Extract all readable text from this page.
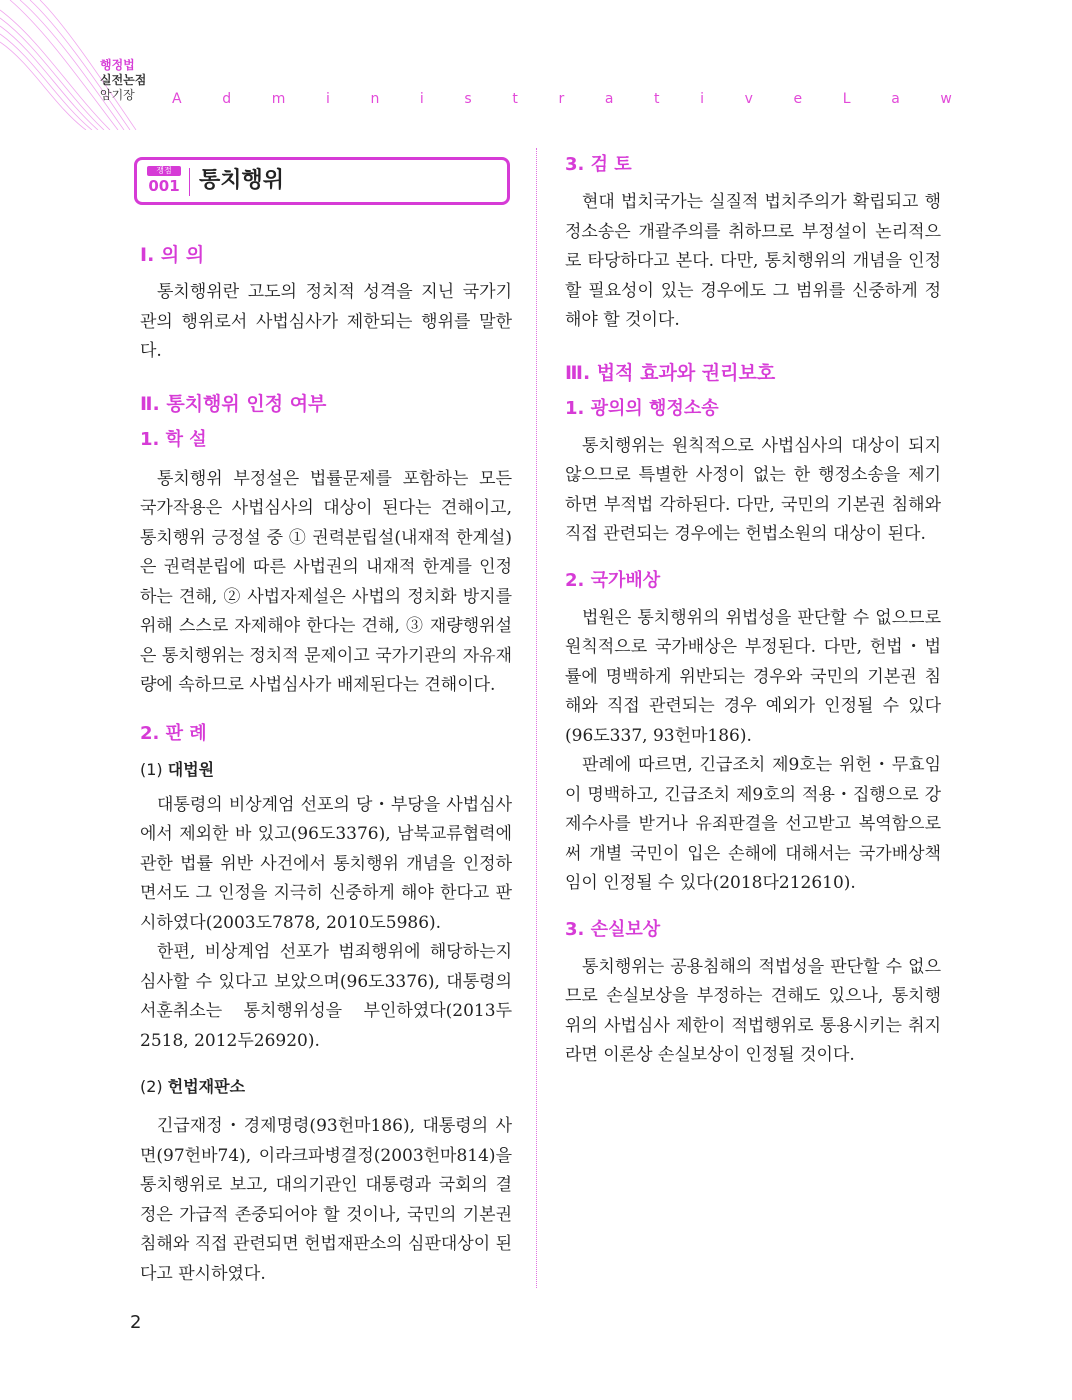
행정법
실전논점
암기장	A	d	m	i	n	i	s	t	r	a	t	i	v	e	L	a	w
쟁점
001 통치행위
Ⅰ. 의 의

통치행위란 고도의 정치적 성격을 지닌 국가기관의 행위로서 사법심사가 제한되는 행위를 말한다.

Ⅱ. 통치행위 인정 여부
1. 학 설

통치행위 부정설은 법률문제를 포함하는 모든 국가작용은 사법심사의 대상이 된다는 견해이고, 통치행위 긍정설 중 ① 권력분립설(내재적 한계설)은 권력분립에 따른 사법권의 내재적 한계를 인정하는 견해, ② 사법자제설은 사법의 정치화 방지를 위해 스스로 자제해야 한다는 견해, ③ 재량행위설은 통치행위는 정치적 문제이고 국가기관의 자유재량에 속하므로 사법심사가 배제된다는 견해이다.

2. 판 례
(1) 대법원

대통령의 비상계엄 선포의 당・부당을 사법심사에서 제외한 바 있고(96도3376), 남북교류협력에 관한 법률 위반 사건에서 통치행위 개념을 인정하면서도 그 인정을 지극히 신중하게 해야 한다고 판시하였다(2003도7878, 2010도5986).

한편, 비상계엄 선포가 범죄행위에 해당하는지 심사할 수 있다고 보았으며(96도3376), 대통령의 서훈취소는 통치행위성을 부인하였다(2013두2518, 2012두26920).

(2) 헌법재판소

긴급재정・경제명령(93헌마186), 대통령의 사면(97헌바74), 이라크파병결정(2003헌마814)을 통치행위로 보고, 대의기관인 대통령과 국회의 결정은 가급적 존중되어야 할 것이나, 국민의 기본권침해와 직접 관련되면 헌법재판소의 심판대상이 된다고 판시하였다.

3. 검 토

현대 법치국가는 실질적 법치주의가 확립되고 행정소송은 개괄주의를 취하므로 부정설이 논리적으로 타당하다고 본다. 다만, 통치행위의 개념을 인정할 필요성이 있는 경우에도 그 범위를 신중하게 정해야 할 것이다.

Ⅲ. 법적 효과와 권리보호
1. 광의의 행정소송

통치행위는 원칙적으로 사법심사의 대상이 되지 않으므로 특별한 사정이 없는 한 행정소송을 제기하면 부적법 각하된다. 다만, 국민의 기본권 침해와 직접 관련되는 경우에는 헌법소원의 대상이 된다.

2. 국가배상

법원은 통치행위의 위법성을 판단할 수 없으므로 원칙적으로 국가배상은 부정된다. 다만, 헌법・법률에 명백하게 위반되는 경우와 국민의 기본권 침해와 직접 관련되는 경우 예외가 인정될 수 있다(96도337, 93헌마186).

판례에 따르면, 긴급조치 제9호는 위헌・무효임이 명백하고, 긴급조치 제9호의 적용・집행으로 강제수사를 받거나 유죄판결을 선고받고 복역함으로써 개별 국민이 입은 손해에 대해서는 국가배상책임이 인정될 수 있다(2018다212610).

3. 손실보상

통치행위는 공용침해의 적법성을 판단할 수 없으므로 손실보상을 부정하는 견해도 있으나, 통치행위의 사법심사 제한이 적법행위로 통용시키는 취지라면 이론상 손실보상이 인정될 것이다.

2
